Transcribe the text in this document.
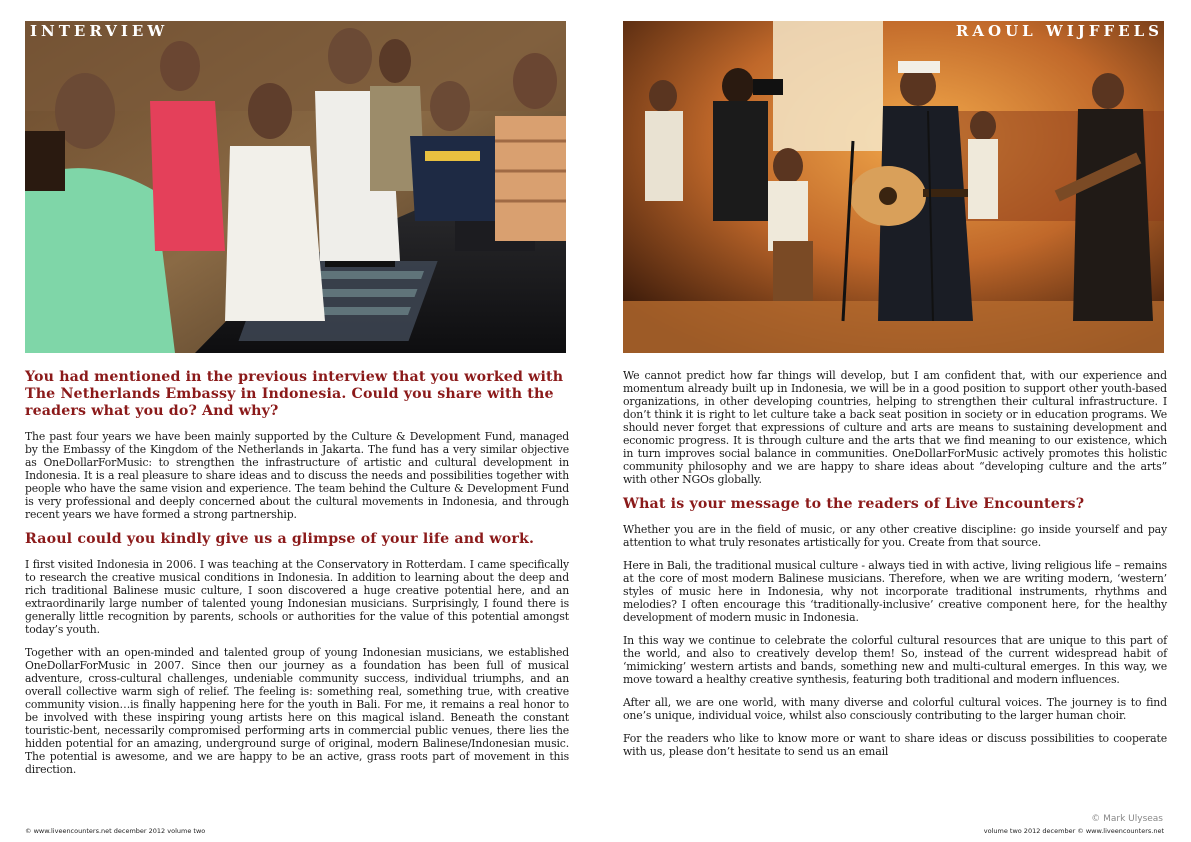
INTERVIEW
You had mentioned in the previous interview that you worked with The Netherlands Embassy in Indonesia. Could you share with the readers what you do? And why?

The past four years we have been mainly supported by the Culture & Development Fund, managed by the Embassy of the Kingdom of the Netherlands in Jakarta. The fund has a very similar objective as OneDollarForMusic: to strengthen the infrastructure of artistic and cultural development in Indonesia. It is a real pleasure to share ideas and to discuss the needs and possibilities together with people who have the same vision and experience. The team behind the Culture & Development Fund is very professional and deeply concerned about the cultural movements in Indonesia, and through recent years we have formed a strong partnership.

Raoul could you kindly give us a glimpse of your life and work.

I first visited Indonesia in 2006. I was teaching at the Conservatory in Rotterdam. I came specifically to research the creative musical conditions in Indonesia. In addition to learning about the deep and rich traditional Balinese music culture, I soon discovered a huge creative potential here, and an extraordinarily large number of talented young Indonesian musicians. Surprisingly, I found there is generally little recognition by parents, schools or authorities for the value of this potential amongst today’s youth.

Together with an open-minded and talented group of young Indonesian musicians, we established OneDollarForMusic in 2007. Since then our journey as a foundation has been full of musical adventure, cross-cultural challenges, undeniable community success, individual triumphs, and an overall collective warm sigh of relief. The feeling is: something real, something true, with creative community vision…is finally happening here for the youth in Bali. For me, it remains a real honor to be involved with these inspiring young artists here on this magical island. Beneath the constant touristic-bent, necessarily compromised performing arts in commercial public venues, there lies the hidden potential for an amazing, underground surge of original, modern Balinese/Indonesian music. The potential is awesome, and we are happy to be an active, grass roots part of movement in this direction.

© www.liveencounters.net december 2012 volume two
RAOUL WIJFFELS

We cannot predict how far things will develop, but I am confident that, with our experience and momentum already built up in Indonesia, we will be in a good position to support other youth-based organizations, in other developing countries, helping to strengthen their cultural infrastructure. I don’t think it is right to let culture take a back seat position in society or in education programs. We should never forget that expressions of culture and arts are means to sustaining development and economic progress. It is through culture and the arts that we find meaning to our existence, which in turn improves social balance in communities. OneDollarForMusic actively promotes this holistic community philosophy and we are happy to share ideas about “developing culture and the arts” with other NGOs globally.

What is your message to the readers of Live Encounters?

Whether you are in the field of music, or any other creative discipline: go inside yourself and pay attention to what truly resonates artistically for you. Create from that source.

Here in Bali, the traditional musical culture - always tied in with active, living religious life – remains at the core of most modern Balinese musicians. Therefore, when we are writing modern, ‘western’ styles of music here in Indonesia, why not incorporate traditional instruments, rhythms and melodies? I often encourage this ‘traditionally-inclusive’ creative component here, for the healthy development of modern music in Indonesia.

In this way we continue to celebrate the colorful cultural resources that are unique to this part of the world, and also to creatively develop them! So, instead of the current widespread habit of ‘mimicking’ western artists and bands, something new and multi-cultural emerges. In this way, we move toward a healthy creative synthesis, featuring both traditional and modern influences.

After all, we are one world, with many diverse and colorful cultural voices. The journey is to find one’s unique, individual voice, whilst also consciously contributing to the larger human choir.

For the readers who like to know more or want to share ideas or discuss possibilities to cooperate with us, please don’t hesitate to send us an email

© Mark Ulyseas
volume two 2012 december © www.liveencounters.net
